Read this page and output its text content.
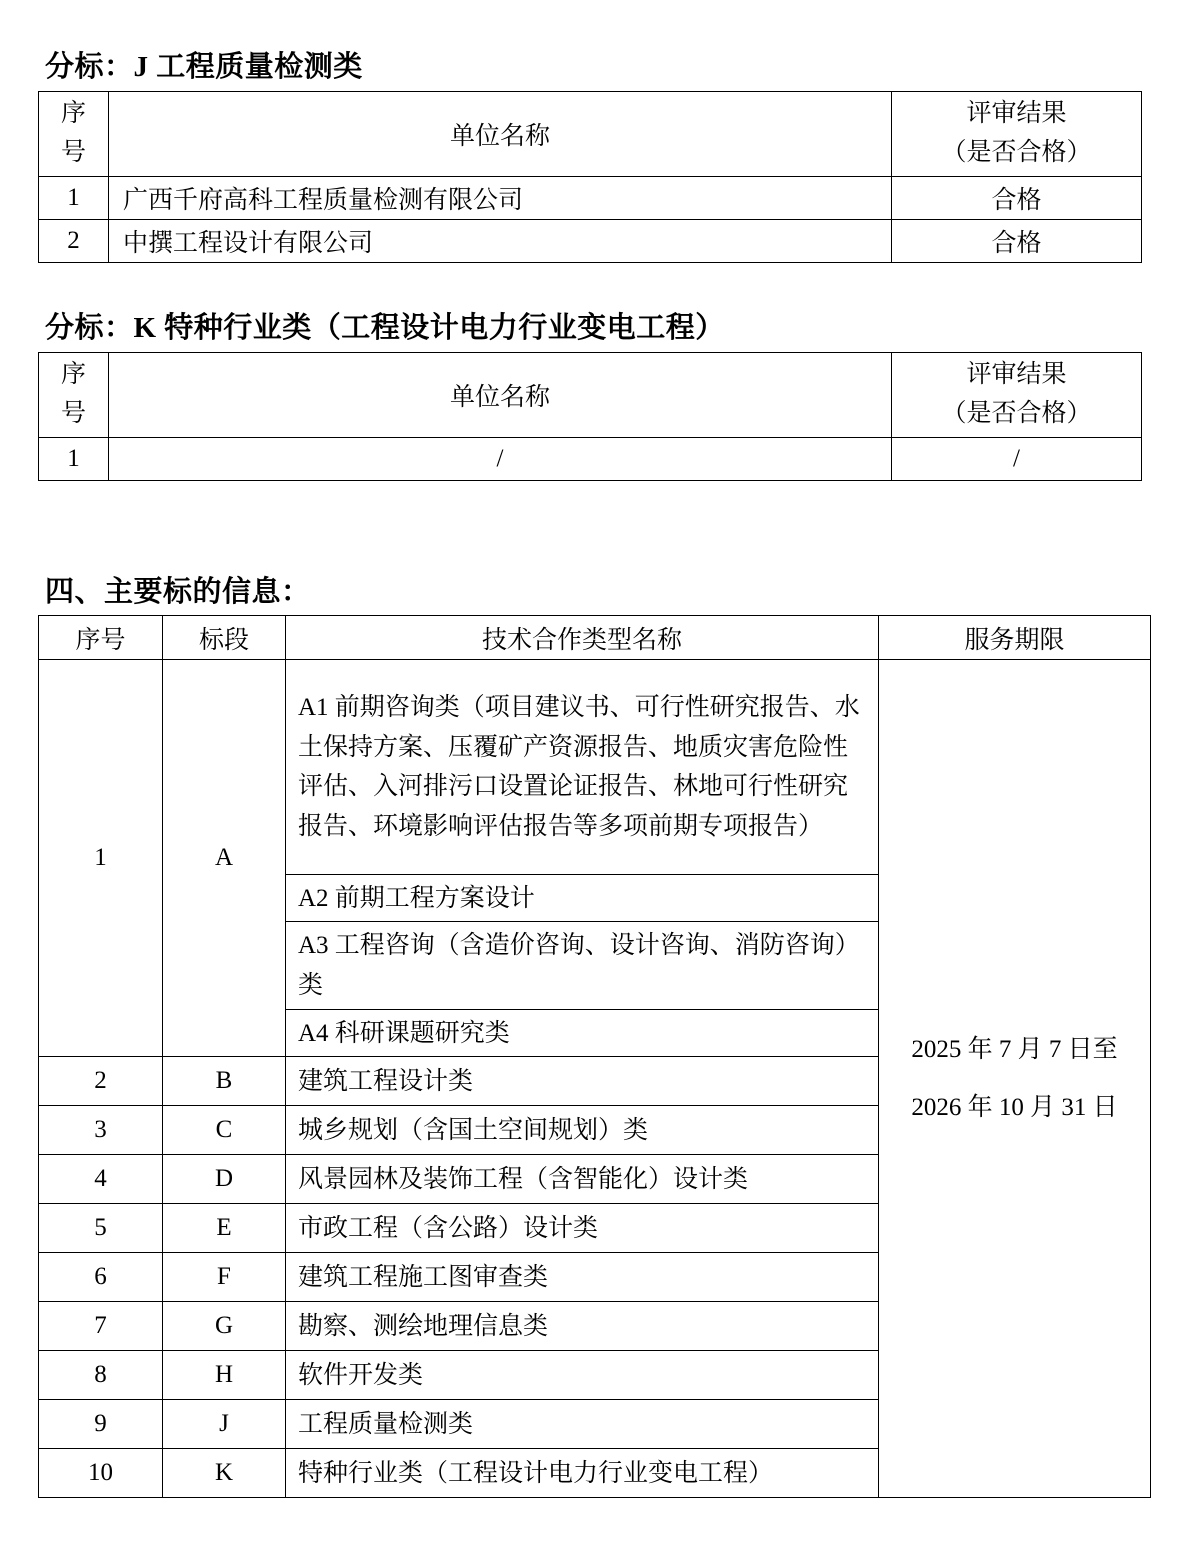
分标：J 工程质量检测类
序号	单位名称	评审结果
（是否合格）

1	广西千府高科工程质量检测有限公司	合格
2	中撰工程设计有限公司	合格
分标：K 特种行业类（工程设计电力行业变电工程）
序号	单位名称	评审结果
（是否合格）

1	/	/
四、主要标的信息：
序号	标段	技术合作类型名称	服务期限
1	A	A1 前期咨询类（项目建议书、可行性研究报告、水土保持方案、压覆矿产资源报告、地质灾害危险性评估、入河排污口设置论证报告、林地可行性研究报告、环境影响评估报告等多项前期专项报告）	2025 年 7 月 7 日至
2026 年 10 月 31 日

		A2 前期工程方案设计	
		A3 工程咨询（含造价咨询、设计咨询、消防咨询）类	
		A4 科研课题研究类	
2	B	建筑工程设计类	
3	C	城乡规划（含国土空间规划）类	
4	D	风景园林及装饰工程（含智能化）设计类	
5	E	市政工程（含公路）设计类	
6	F	建筑工程施工图审查类	
7	G	勘察、测绘地理信息类	
8	H	软件开发类	
9	J	工程质量检测类	
10	K	特种行业类（工程设计电力行业变电工程）	
